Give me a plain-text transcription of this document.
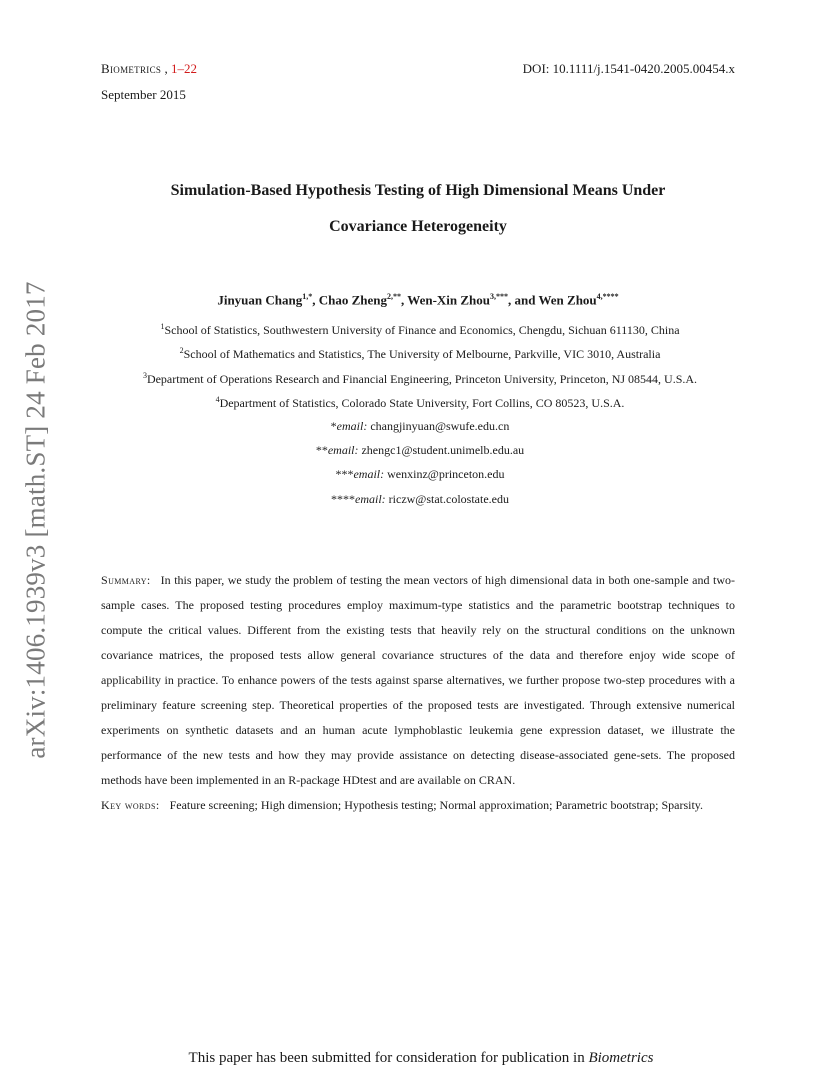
Biometrics , 1–22	DOI: 10.1111/j.1541-0420.2005.00454.x
September 2015
Simulation-Based Hypothesis Testing of High Dimensional Means Under
Covariance Heterogeneity
Jinyuan Chang$^{1,*}$, Chao Zheng$^{2,**}$, Wen-Xin Zhou$^{3,***}$, and Wen Zhou$^{4,****}$
$^1$School of Statistics, Southwestern University of Finance and Economics, Chengdu, Sichuan 611130, China
$^2$School of Mathematics and Statistics, The University of Melbourne, Parkville, VIC 3010, Australia
$^3$Department of Operations Research and Financial Engineering, Princeton University, Princeton, NJ 08544, U.S.A.
$^4$Department of Statistics, Colorado State University, Fort Collins, CO 80523, U.S.A.
*email: changjinyuan@swufe.edu.cn
**email: zhengc1@student.unimelb.edu.au
***email: wenxinz@princeton.edu
****email: riczw@stat.colostate.edu

Summary: In this paper, we study the problem of testing the mean vectors of high dimensional data in both one-sample and two-sample cases. The proposed testing procedures employ maximum-type statistics and the parametric bootstrap techniques to compute the critical values. Different from the existing tests that heavily rely on the structural conditions on the unknown covariance matrices, the proposed tests allow general covariance structures of the data and therefore enjoy wide scope of applicability in practice. To enhance powers of the tests against sparse alternatives, we further propose two-step procedures with a preliminary feature screening step. Theoretical properties of the proposed tests are investigated. Through extensive numerical experiments on synthetic datasets and an human acute lymphoblastic leukemia gene expression dataset, we illustrate the performance of the new tests and how they may provide assistance on detecting disease-associated gene-sets. The proposed methods have been implemented in an R-package HDtest and are available on CRAN.

Key words: Feature screening; High dimension; Hypothesis testing; Normal approximation; Parametric bootstrap; Sparsity.

This paper has been submitted for consideration for publication in Biometrics
arXiv:1406.1939v3 [math.ST] 24 Feb 2017
